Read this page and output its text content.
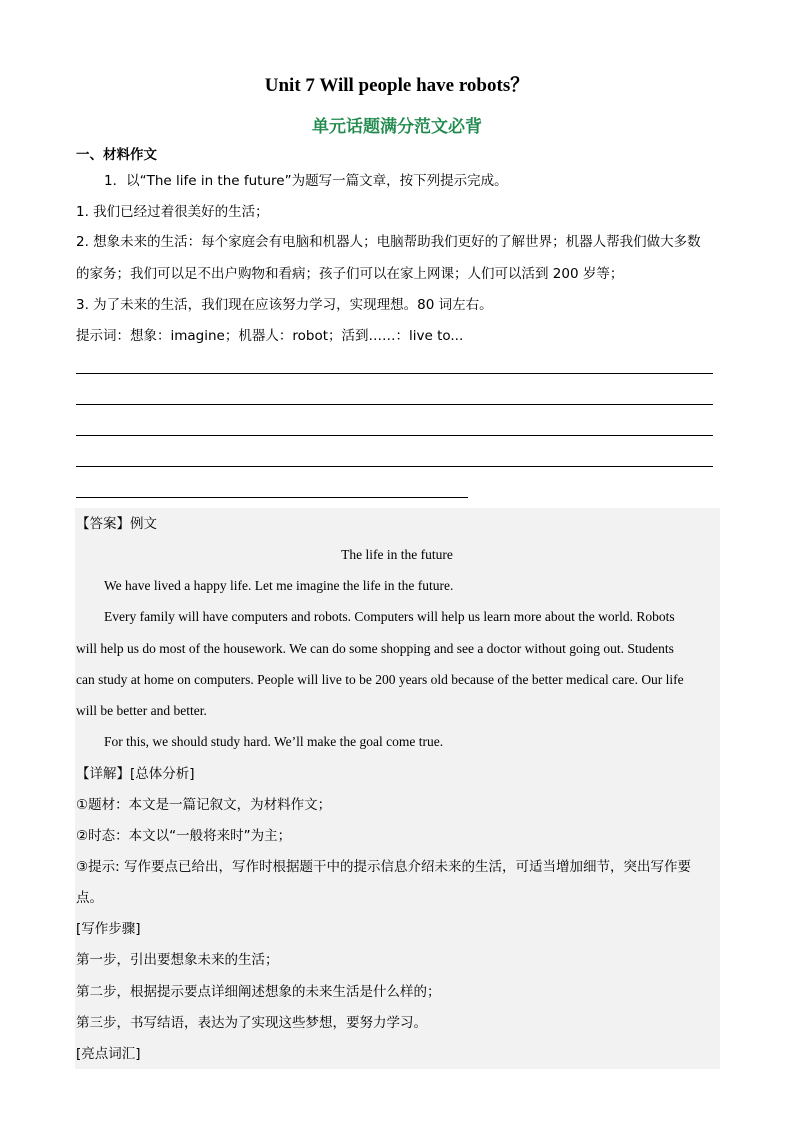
Unit 7 Will people have robots？
单元话题满分范文必背
一、材料作文
1．以“The life in the future”为题写一篇文章，按下列提示完成。
1. 我们已经过着很美好的生活；
2. 想象未来的生活：每个家庭会有电脑和机器人；电脑帮助我们更好的了解世界；机器人帮我们做大多数
的家务；我们可以足不出户购物和看病；孩子们可以在家上网课；人们可以活到 200 岁等；
3. 为了未来的生活，我们现在应该努力学习，实现理想。80 词左右。
提示词：想象：imagine；机器人：robot；活到……：live to...
【答案】例文
The life in the future
We have lived a happy life. Let me imagine the life in the future.
Every family will have computers and robots. Computers will help us learn more about the world. Robots
will help us do most of the housework. We can do some shopping and see a doctor without going out. Students
can study at home on computers. People will live to be 200 years old because of the better medical care. Our life
will be better and better.
For this, we should study hard. We’ll make the goal come true.
【详解】[总体分析]
①题材：本文是一篇记叙文，为材料作文；
②时态：本文以“一般将来时”为主；
③提示: 写作要点已给出，写作时根据题干中的提示信息介绍未来的生活，可适当增加细节，突出写作要
点。
[写作步骤]
第一步，引出要想象未来的生活；
第二步，根据提示要点详细阐述想象的未来生活是什么样的；
第三步，书写结语，表达为了实现这些梦想，要努力学习。
[亮点词汇]
